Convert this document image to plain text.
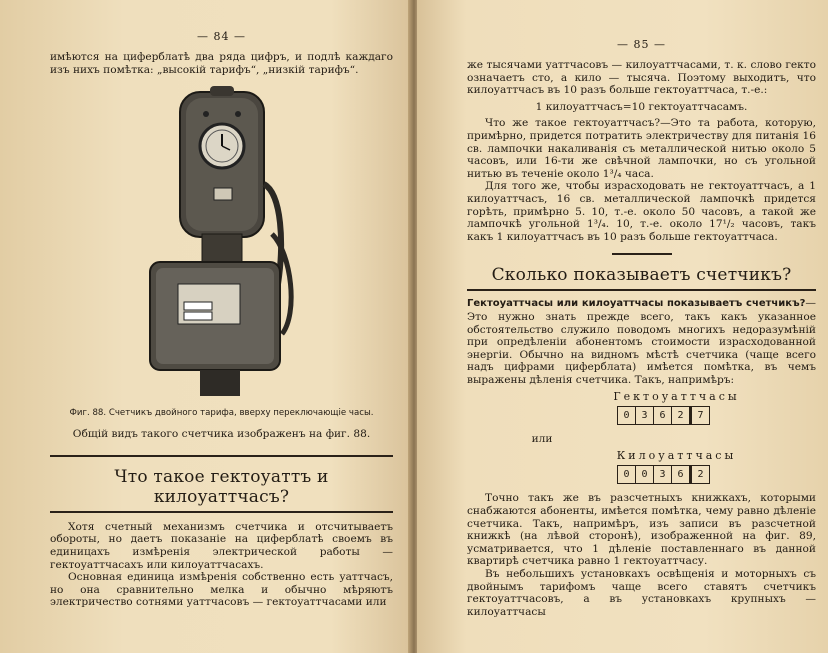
— 84 —

имѣются на циферблатѣ два ряда цифръ, и подлѣ каждаго изъ нихъ помѣтка: „высокій тарифъ“, „низкій тарифъ“.

Фиг. 88. Счетчикъ двойного тарифа, вверху переключающіе часы.

Общій видъ такого счетчика изображенъ на фиг. 88.

Что такое гектоуаттъ и килоуаттчасъ?

Хотя счетный механизмъ счетчика и отсчитываетъ обороты, но даетъ показаніе на циферблатѣ своемъ въ единицахъ измѣренія электрической работы — гектоуаттчасахъ или килоуаттчасахъ.

Основная единица измѣренія собственно есть уаттчасъ, но она сравнительно мелка и обычно мѣряютъ электричество сотнями уаттчасовъ — гектоуаттчасами или

— 85 —

же тысячами уаттчасовъ — килоуаттчасами, т. к. слово гекто означаетъ сто, а кило — тысяча. Поэтому выходитъ, что килоуаттчасъ въ 10 разъ больше гектоуаттчаса, т.-е.:

1 килоуаттчасъ=10 гектоуаттчасамъ.

Что же такое гектоуаттчасъ?—Это та работа, которую, примѣрно, придется потратить электричеству для питанія 16 св. лампочки накаливанія съ металлической нитью около 5 часовъ, или 16-ти же свѣчной лампочки, но съ угольной нитью въ теченіе около 1³/₄ часа.

Для того же, чтобы израсходовать не гектоуаттчасъ, а 1 килоуаттчасъ, 16 св. металлической лампочкѣ придется горѣть, примѣрно 5. 10, т.-е. около 50 часовъ, а такой же лампочкѣ угольной 1³/₄. 10, т.-е. около 17¹/₂ часовъ, такъ какъ 1 килоуаттчасъ въ 10 разъ больше гектоуаттчаса.

Сколько показываетъ счетчикъ?

Гектоуаттчасы или килоуаттчасы показываетъ счетчикъ?—Это нужно знать прежде всего, такъ какъ указанное обстоятельство служило поводомъ многихъ недоразумѣній при опредѣленіи абонентомъ стоимости израсходованной энергіи. Обычно на видномъ мѣстѣ счетчика (чаще всего надъ цифрами циферблата) имѣется помѣтка, въ чемъ выражены дѣленія счетчика. Такъ, напримѣръ:

Гектоуаттчасы
0	3	6	2	7
или
Килоуаттчасы
0	0	3	6	2

Точно такъ же въ разсчетныхъ книжкахъ, которыми снабжаются абоненты, имѣется помѣтка, чему равно дѣленіе счетчика. Такъ, напримѣръ, изъ записи въ разсчетной книжкѣ (на лѣвой сторонѣ), изображенной на фиг. 89, усматривается, что 1 дѣленіе поставленнаго въ данной квартирѣ счетчика равно 1 гектоуаттчасу.

Въ небольшихъ установкахъ освѣщенія и моторныхъ съ двойнымъ тарифомъ чаще всего ставятъ счетчикъ гектоуаттчасовъ, а въ установкахъ крупныхъ — килоуаттчасы
